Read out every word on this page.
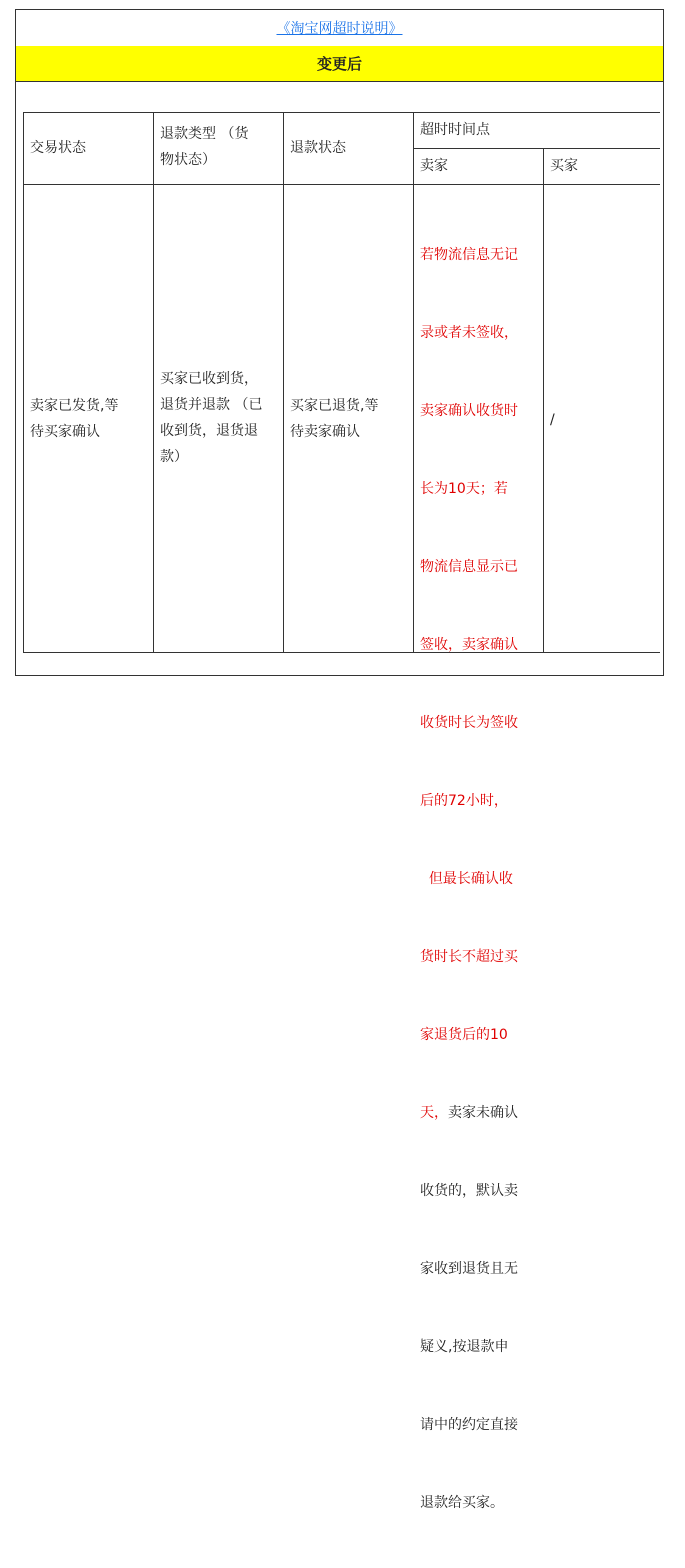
《淘宝网超时说明》
变更后
交易状态
退款类型 （货
物状态）
退款状态
超时时间点
卖家	买家
卖家已发货,等
待买家确认
买家已收到货，
退货并退款 （已
收到货，退货退
款）
买家已退货,等
待卖家确认

若物流信息无记

录或者未签收，

卖家确认收货时

长为10天；若

物流信息显示已

签收，卖家确认

收货时长为签收

后的72小时，

但最长确认收

货时长不超过买

家退货后的10

天，卖家未确认

收货的，默认卖

家收到退货且无

疑义,按退款申

请中的约定直接

退款给买家。

/
